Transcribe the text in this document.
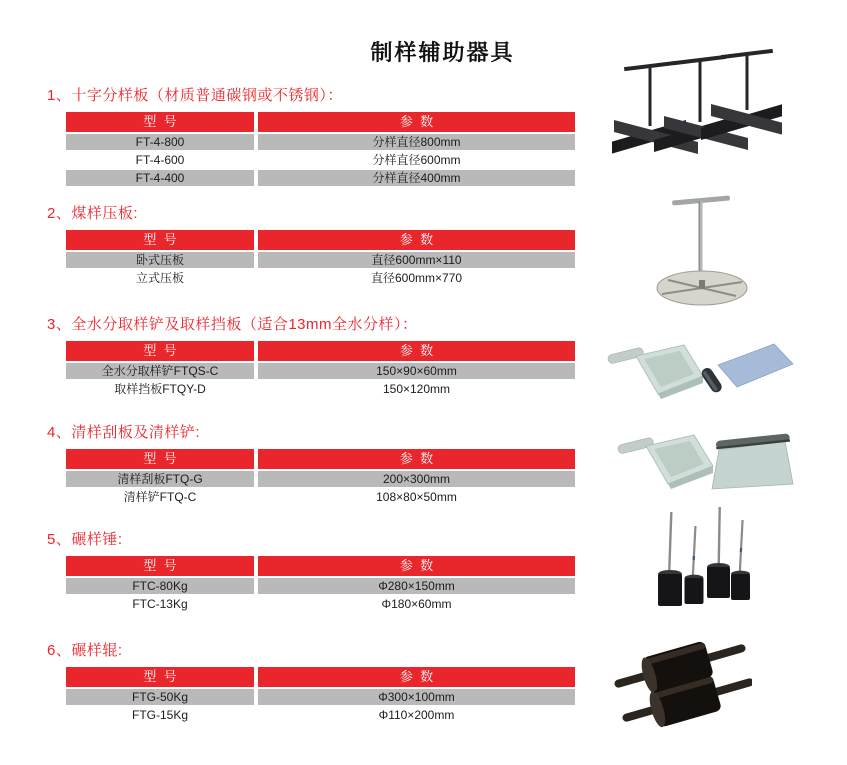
制样辅助器具
1、十字分样板（材质普通碳钢或不锈钢）：
型  号	参  数
FT-4-800	分样直径800mm
FT-4-600	分样直径600mm
FT-4-400	分样直径400mm
2、煤样压板:
型  号	参  数
卧式压板	直径600mm×110
立式压板	直径600mm×770
3、全水分取样铲及取样挡板（适合13mm全水分样）：
型  号	参  数
全水分取样铲FTQS-C	150×90×60mm
取样挡板FTQY-D	150×120mm
4、清样刮板及清样铲:
型  号	参  数
清样刮板FTQ-G	200×300mm
清样铲FTQ-C	108×80×50mm
5、碾样锤:
型  号	参  数
FTC-80Kg	Φ280×150mm
FTC-13Kg	Φ180×60mm
6、碾样辊:
型  号	参  数
FTG-50Kg	Φ300×100mm
FTG-15Kg	Φ110×200mm
